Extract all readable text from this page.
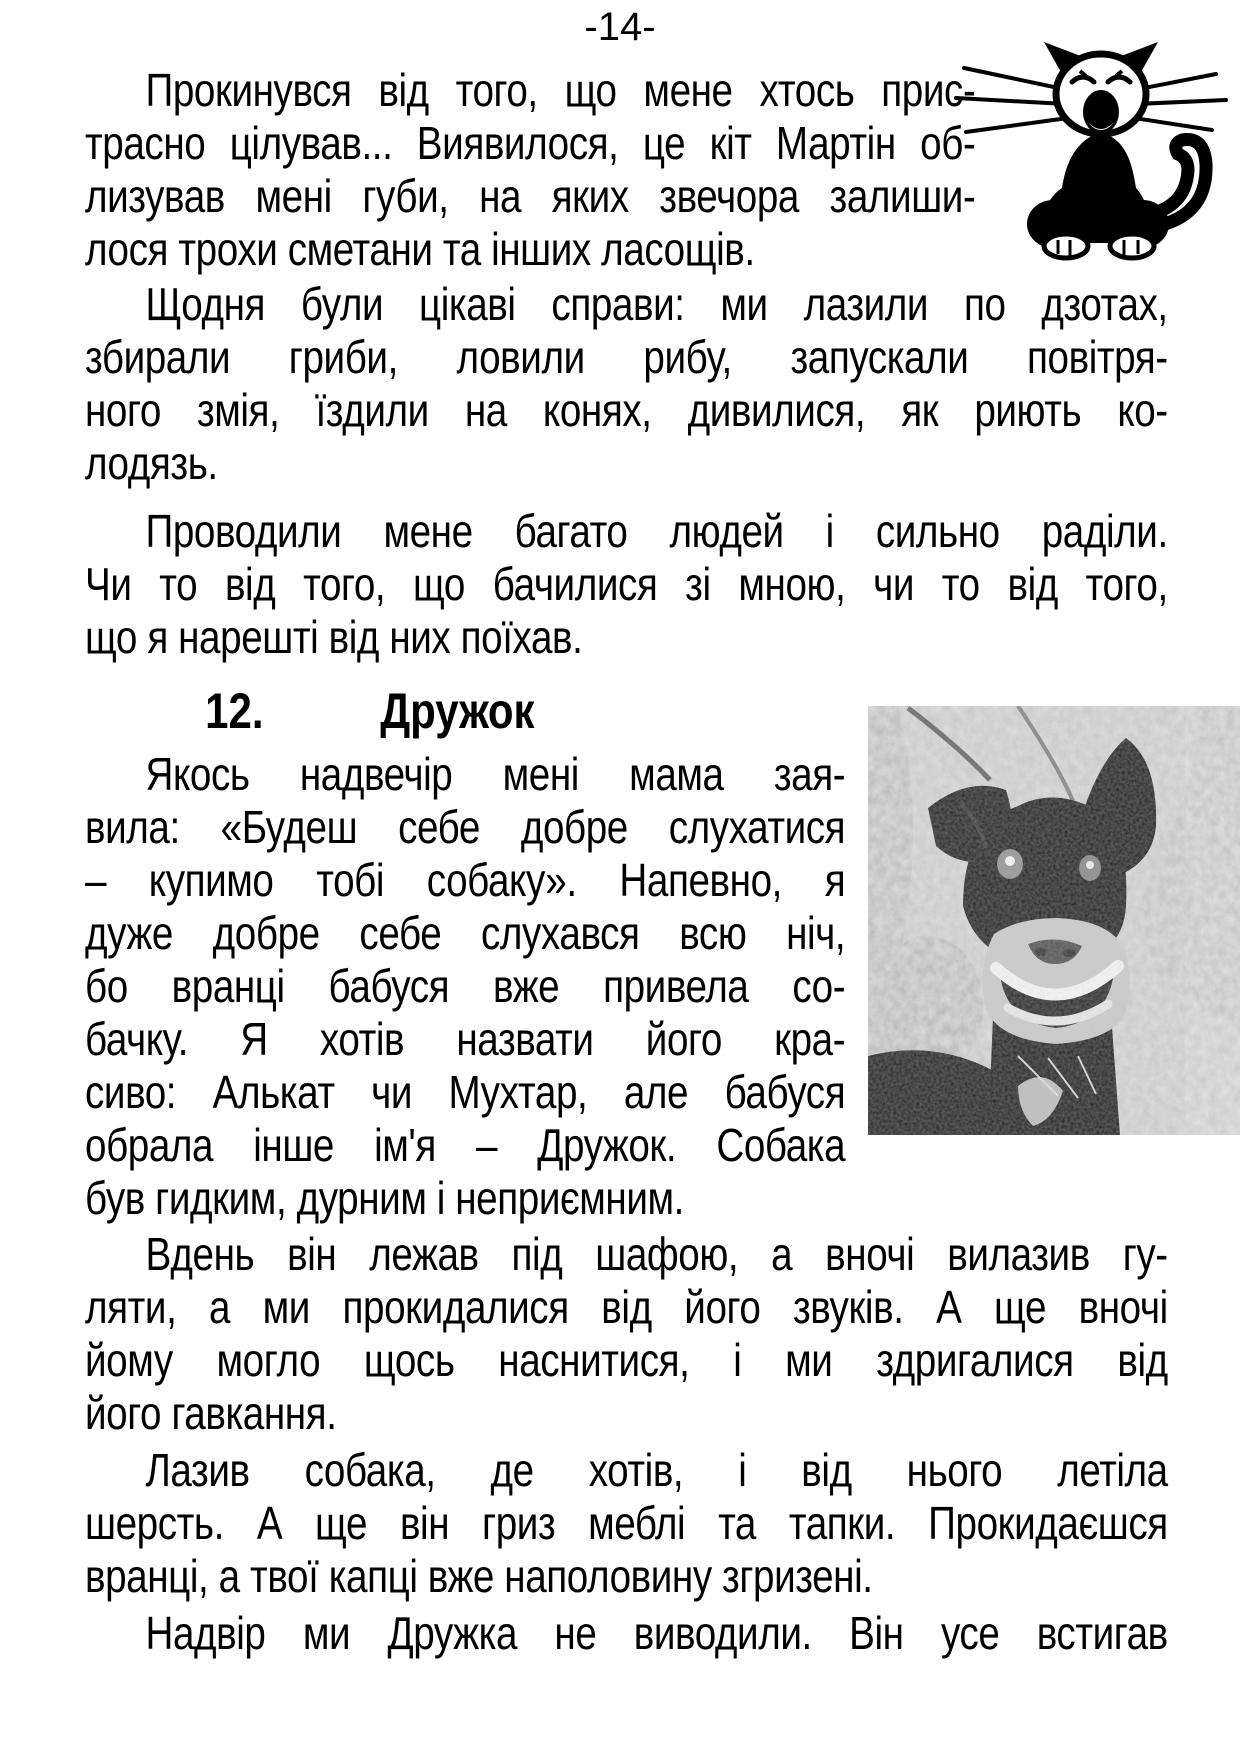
-14-
Прокинувся від того, що мене хтось прис-
трасно цілував... Виявилося, це кіт Мартін об-
лизував мені губи, на яких звечора залиши-
лося трохи сметани та інших ласощів.
Щодня були цікаві справи: ми лазили по дзотах,
збирали гриби, ловили рибу, запускали повітря-
ного змія, їздили на конях, дивилися, як риють ко-
лодязь.
Проводили мене багато людей і сильно раділи.
Чи то від того, що бачилися зі мною, чи то від того,
що я нарешті від них поїхав.
12. Дружок
Якось надвечір мені мама зая-
вила: «Будеш себе добре слухатися
– купимо тобі собаку». Напевно, я
дуже добре себе слухався всю ніч,
бо вранці бабуся вже привела со-
бачку. Я хотів назвати його кра-
сиво: Алькат чи Мухтар, але бабуся
обрала інше ім'я – Дружок. Собака
був гидким, дурним і неприємним.
Вдень він лежав під шафою, а вночі вилазив гу-
ляти, а ми прокидалися від його звуків. А ще вночі
йому могло щось наснитися, і ми здригалися від
його гавкання.
Лазив собака, де хотів, і від нього летіла
шерсть. А ще він гриз меблі та тапки. Прокидаєшся
вранці, а твої капці вже наполовину згризені.
Надвір ми Дружка не виводили. Він усе встигав
